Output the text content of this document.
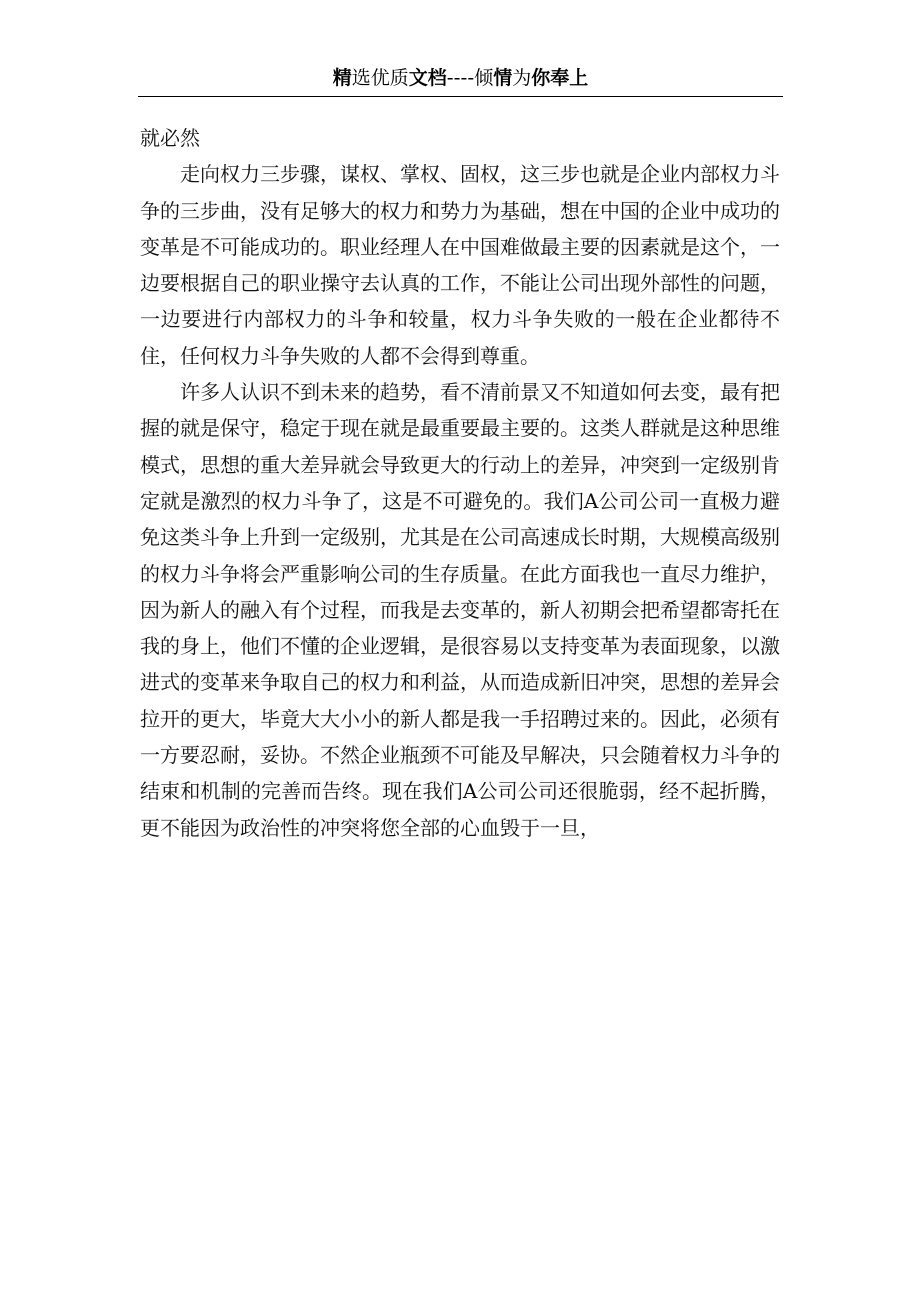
精选优质文档----倾情为你奉上

就必然

走向权力三步骤，谋权、掌权、固权，这三步也就是企业内部权力斗争的三步曲，没有足够大的权力和势力为基础，想在中国的企业中成功的变革是不可能成功的。职业经理人在中国难做最主要的因素就是这个，一边要根据自己的职业操守去认真的工作，不能让公司出现外部性的问题，一边要进行内部权力的斗争和较量，权力斗争失败的一般在企业都待不住，任何权力斗争失败的人都不会得到尊重。

许多人认识不到未来的趋势，看不清前景又不知道如何去变，最有把握的就是保守，稳定于现在就是最重要最主要的。这类人群就是这种思维模式，思想的重大差异就会导致更大的行动上的差异，冲突到一定级别肯定就是激烈的权力斗争了，这是不可避免的。我们A公司公司一直极力避免这类斗争上升到一定级别，尤其是在公司高速成长时期，大规模高级别的权力斗争将会严重影响公司的生存质量。在此方面我也一直尽力维护，因为新人的融入有个过程，而我是去变革的，新人初期会把希望都寄托在我的身上，他们不懂的企业逻辑，是很容易以支持变革为表面现象，以激进式的变革来争取自己的权力和利益，从而造成新旧冲突，思想的差异会拉开的更大，毕竟大大小小的新人都是我一手招聘过来的。因此，必须有一方要忍耐，妥协。不然企业瓶颈不可能及早解决，只会随着权力斗争的结束和机制的完善而告终。现在我们A公司公司还很脆弱，经不起折腾，更不能因为政治性的冲突将您全部的心血毁于一旦，
